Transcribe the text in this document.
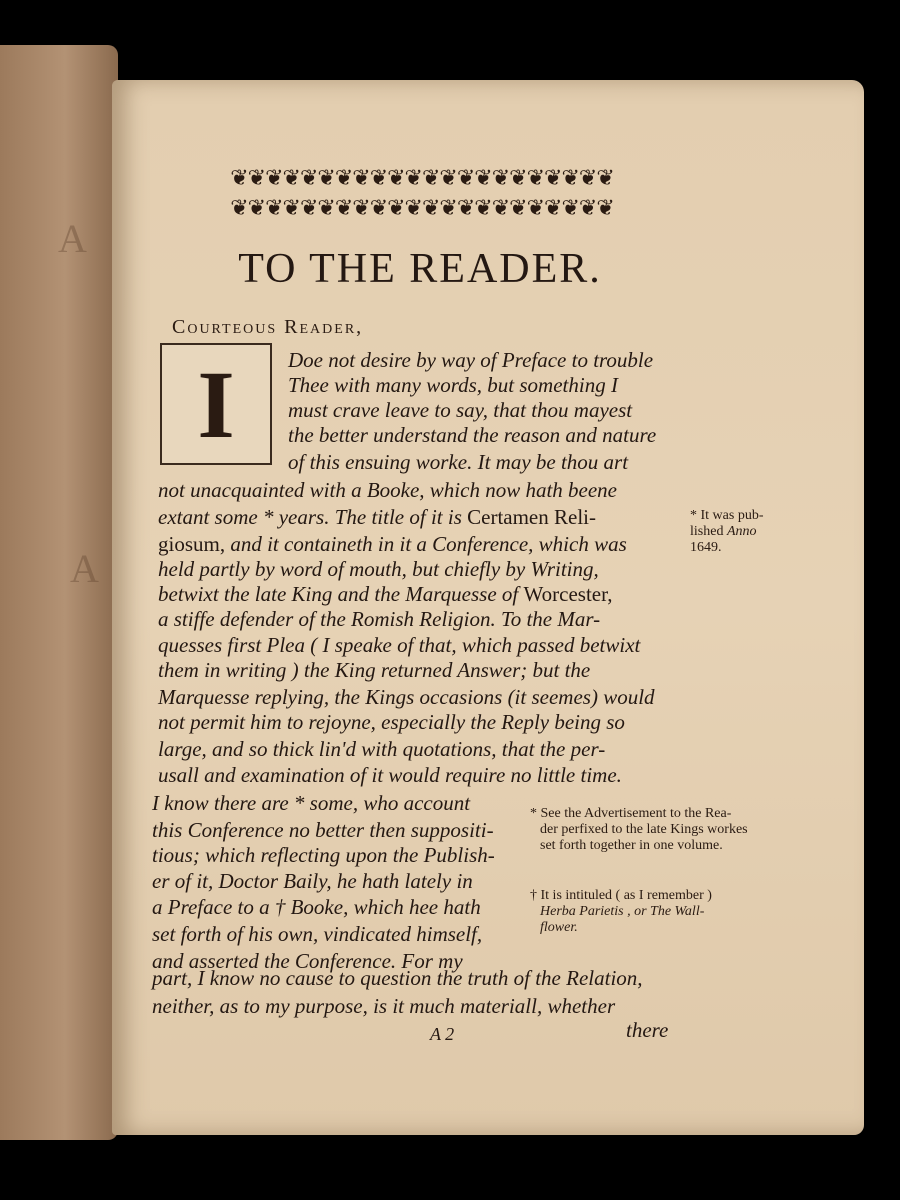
A
A
❦❦❦❦❦❦❦❦❦❦❦❦❦❦❦❦❦❦❦❦❦❦
❦❦❦❦❦❦❦❦❦❦❦❦❦❦❦❦❦❦❦❦❦❦
TO THE READER.
Courteous Reader,
I	Doe not desire by way of Preface to trouble
Thee with many words, but something I
must crave leave to say, that thou mayest
the better understand the reason and nature
of this ensuing worke. It may be thou art
not unacquainted with a Booke, which now hath beene
extant some * years. The title of it is Certamen Reli-
giosum, and it containeth in it a Conference, which was
held partly by word of mouth, but chiefly by Writing,
betwixt the late King and the Marquesse of Worcester,
a stiffe defender of the Romish Religion. To the Mar-
quesses first Plea ( I speake of that, which passed betwixt
them in writing ) the King returned Answer; but the
Marquesse replying, the Kings occasions (it seemes) would
not permit him to rejoyne, especially the Reply being so
large, and so thick lin'd with quotations, that the per-
usall and examination of it would require no little time.
I know there are * some, who account
this Conference no better then suppositi-
tious; which reflecting upon the Publish-
er of it, Doctor Baily, he hath lately in
a Preface to a † Booke, which hee hath
set forth of his own, vindicated himself,
and asserted the Conference. For my
part, I know no cause to question the truth of the Relation,
neither, as to my purpose, is it much materiall, whether
there
A 2
* It was pub-
lished Anno
1649.
* See the Advertisement to the Rea-
der perfixed to the late Kings workes
set forth together in one volume.
† It is intituled ( as I remember )
Herba Parietis , or The Wall-
flower.
